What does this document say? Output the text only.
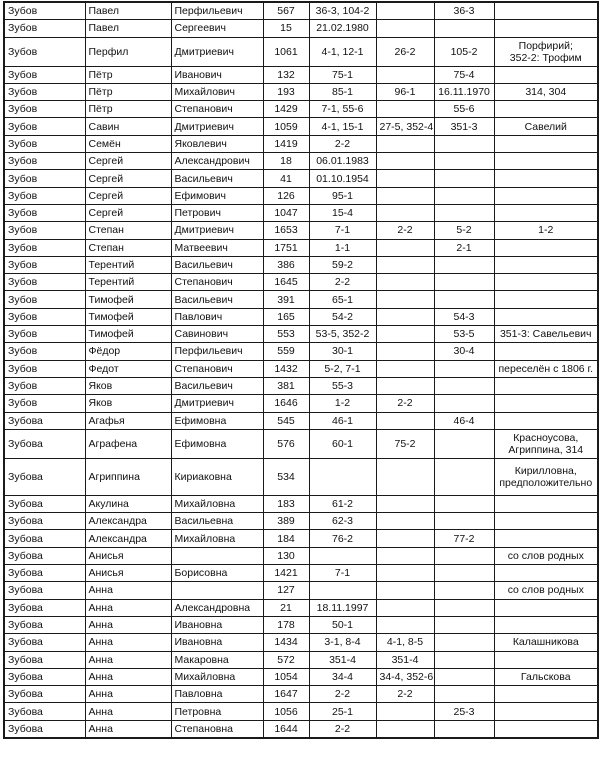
Зубов	Павел	Перфильевич	567	36-3, 104-2		36-3	
Зубов	Павел	Сергеевич	15	21.02.1980			
Зубов	Перфил	Дмитриевич	1061	4-1, 12-1	26-2	105-2	Порфирий;
352-2: Трофим
Зубов	Пётр	Иванович	132	75-1		75-4	
Зубов	Пётр	Михайлович	193	85-1	96-1	16.11.1970	314, 304
Зубов	Пётр	Степанович	1429	7-1, 55-6		55-6	
Зубов	Савин	Дмитриевич	1059	4-1, 15-1	27-5, 352-4	351-3	Савелий
Зубов	Семён	Яковлевич	1419	2-2			
Зубов	Сергей	Александрович	18	06.01.1983			
Зубов	Сергей	Васильевич	41	01.10.1954			
Зубов	Сергей	Ефимович	126	95-1			
Зубов	Сергей	Петрович	1047	15-4			
Зубов	Степан	Дмитриевич	1653	7-1	2-2	5-2	1-2
Зубов	Степан	Матвеевич	1751	1-1		2-1	
Зубов	Терентий	Васильевич	386	59-2			
Зубов	Терентий	Степанович	1645	2-2			
Зубов	Тимофей	Васильевич	391	65-1			
Зубов	Тимофей	Павлович	165	54-2		54-3	
Зубов	Тимофей	Савинович	553	53-5, 352-2		53-5	351-3: Савельевич
Зубов	Фёдор	Перфильевич	559	30-1		30-4	
Зубов	Федот	Степанович	1432	5-2, 7-1			переселён с 1806 г.
Зубов	Яков	Васильевич	381	55-3			
Зубов	Яков	Дмитриевич	1646	1-2	2-2		
Зубова	Агафья	Ефимовна	545	46-1		46-4	
Зубова	Аграфена	Ефимовна	576	60-1	75-2		Красноусова,
Агриппина, 314
Зубова	Агриппина	Кириаковна	534				Кирилловна,
предположительно
Зубова	Акулина	Михайловна	183	61-2			
Зубова	Александра	Васильевна	389	62-3			
Зубова	Александра	Михайловна	184	76-2		77-2	
Зубова	Анисья		130				со слов родных
Зубова	Анисья	Борисовна	1421	7-1			
Зубова	Анна		127				со слов родных
Зубова	Анна	Александровна	21	18.11.1997			
Зубова	Анна	Ивановна	178	50-1			
Зубова	Анна	Ивановна	1434	3-1, 8-4	4-1, 8-5		Калашникова
Зубова	Анна	Макаровна	572	351-4	351-4		
Зубова	Анна	Михайловна	1054	34-4	34-4, 352-6		Гальскова
Зубова	Анна	Павловна	1647	2-2	2-2		
Зубова	Анна	Петровна	1056	25-1		25-3	
Зубова	Анна	Степановна	1644	2-2			
